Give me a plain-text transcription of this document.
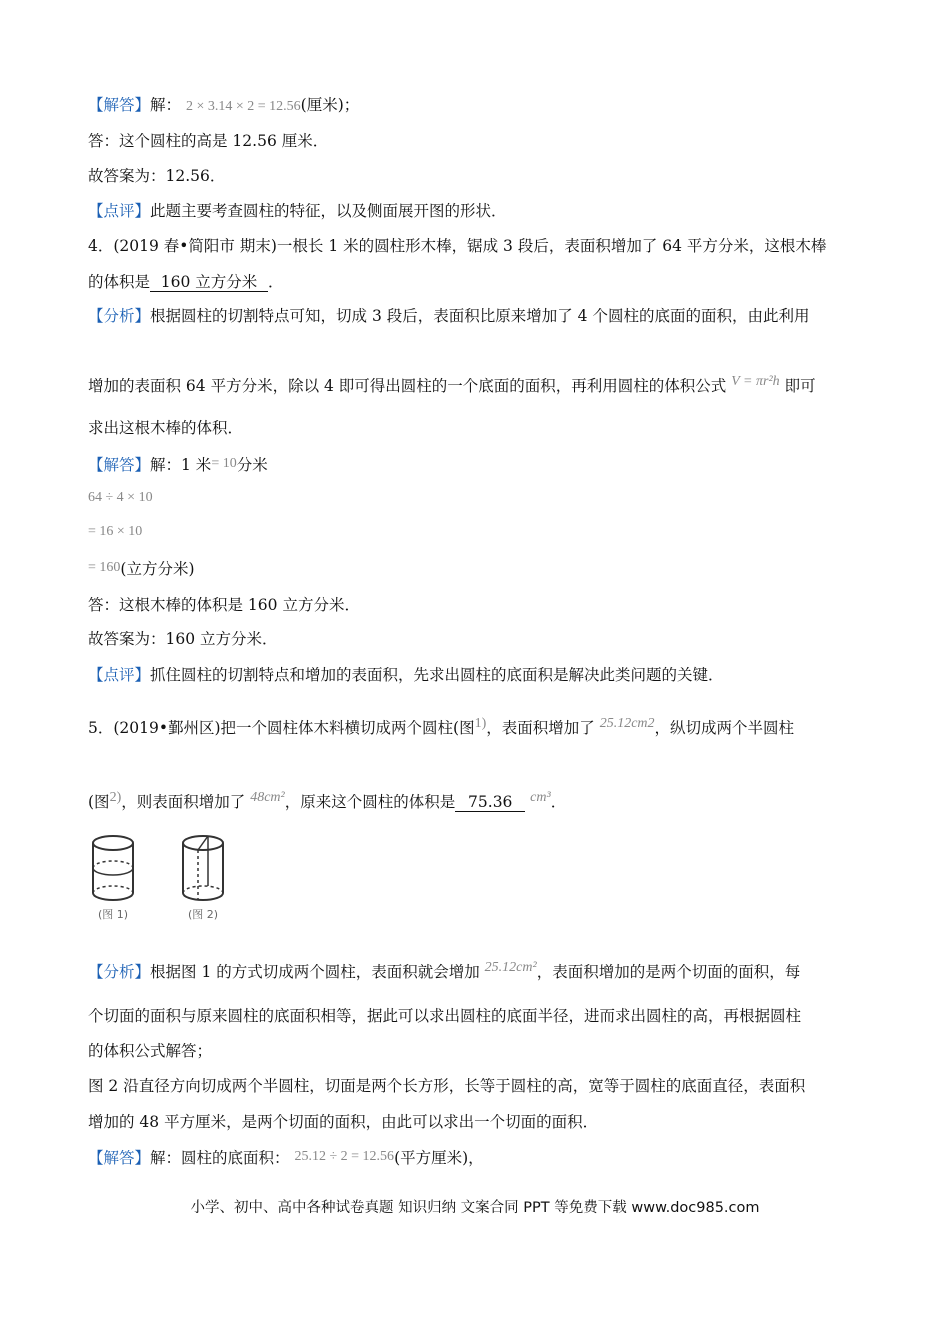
【解答】解： 2 × 3.14 × 2 = 12.56(厘米)；
答：这个圆柱的高是 12.56 厘米．
故答案为：12.56．
【点评】此题主要考查圆柱的特征，以及侧面展开图的形状．
4．(2019 春•简阳市 期末)一根长 1 米的圆柱形木棒，锯成 3 段后，表面积增加了 64 平方分米，这根木棒
的体积是 160 立方分米 ．
【分析】根据圆柱的切割特点可知，切成 3 段后，表面积比原来增加了 4 个圆柱的底面的面积，由此利用
增加的表面积 64 平方分米，除以 4 即可得出圆柱的一个底面的面积，再利用圆柱的体积公式 V = πr²h 即可
求出这根木棒的体积．
【解答】解：1 米= 10分米
64 ÷ 4 × 10
= 16 × 10
= 160(立方分米)
答：这根木棒的体积是 160 立方分米．
故答案为：160 立方分米．
【点评】抓住圆柱的切割特点和增加的表面积，先求出圆柱的底面积是解决此类问题的关键．
5．(2019•鄞州区)把一个圆柱体木料横切成两个圆柱(图1)，表面积增加了 25.12cm2，纵切成两个半圆柱
(图2)，则表面积增加了 48cm²，原来这个圆柱的体积是 75.36 cm³．
(图 1)	(图 2)
【分析】根据图 1 的方式切成两个圆柱，表面积就会增加 25.12cm²，表面积增加的是两个切面的面积，每
个切面的面积与原来圆柱的底面积相等，据此可以求出圆柱的底面半径，进而求出圆柱的高，再根据圆柱
的体积公式解答；
图 2 沿直径方向切成两个半圆柱，切面是两个长方形，长等于圆柱的高，宽等于圆柱的底面直径，表面积
增加的 48 平方厘米，是两个切面的面积，由此可以求出一个切面的面积．
【解答】解：圆柱的底面积： 25.12 ÷ 2 = 12.56(平方厘米)，
小学、初中、高中各种试卷真题 知识归纳 文案合同 PPT 等免费下载 www.doc985.com
